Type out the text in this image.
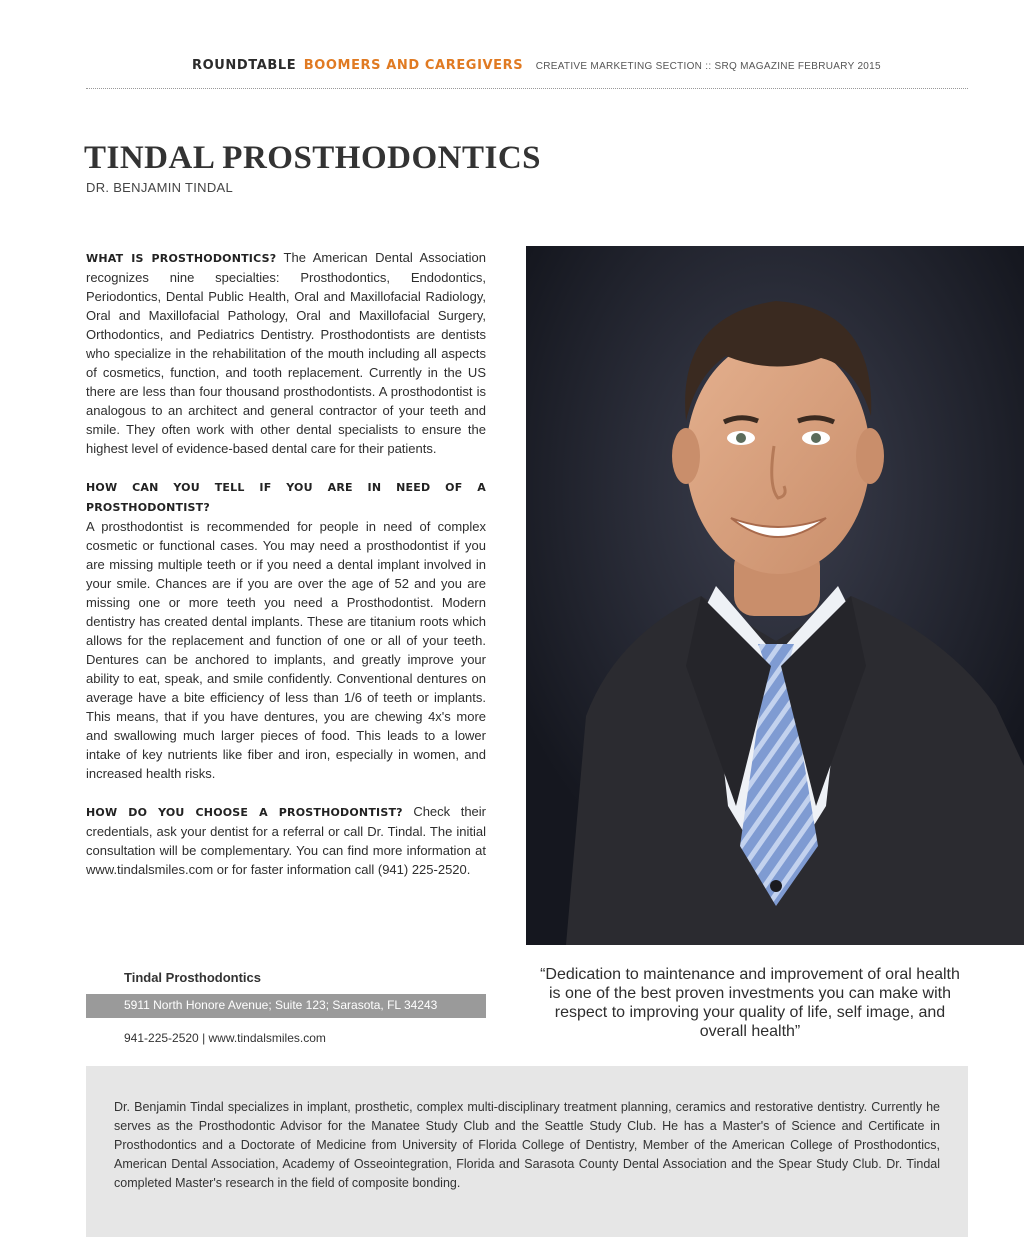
ROUNDTABLE BOOMERS AND CAREGIVERS CREATIVE MARKETING SECTION :: SRQ MAGAZINE FEBRUARY 2015
TINDAL PROSTHODONTICS
DR. BENJAMIN TINDAL

WHAT IS PROSTHODONTICS? The American Dental Association recognizes nine specialties: Prosthodontics, Endodontics, Periodontics, Dental Public Health, Oral and Maxillofacial Radiology, Oral and Maxillofacial Pathology, Oral and Maxillofacial Surgery, Orthodontics, and Pediatrics Dentistry. Prosthodontists are dentists who specialize in the rehabilitation of the mouth including all aspects of cosmetics, function, and tooth replacement. Currently in the US there are less than four thousand prosthodontists. A prosthodontist is analogous to an architect and general contractor of your teeth and smile. They often work with other dental specialists to ensure the highest level of evidence-based dental care for their patients.

HOW CAN YOU TELL IF YOU ARE IN NEED OF A PROSTHODONTIST?
A prosthodontist is recommended for people in need of complex cosmetic or functional cases. You may need a prosthodontist if you are missing multiple teeth or if you need a dental implant involved in your smile. Chances are if you are over the age of 52 and you are missing one or more teeth you need a Prosthodontist. Modern dentistry has created dental implants. These are titanium roots which allows for the replacement and function of one or all of your teeth. Dentures can be anchored to implants, and greatly improve your ability to eat, speak, and smile confidently. Conventional dentures on average have a bite efficiency of less than 1/6 of teeth or implants. This means, that if you have dentures, you are chewing 4x's more and swallowing much larger pieces of food. This leads to a lower intake of key nutrients like fiber and iron, especially in women, and increased health risks.

HOW DO YOU CHOOSE A PROSTHODONTIST? Check their credentials, ask your dentist for a referral or call Dr. Tindal. The initial consultation will be complementary. You can find more information at www.tindalsmiles.com or for faster information call (941) 225-2520.

Tindal Prosthodontics
5911 North Honore Avenue; Suite 123; Sarasota, FL 34243
941-225-2520 | www.tindalsmiles.com
“Dedication to maintenance and improvement of oral health is one of the best proven investments you can make with respect to improving your quality of life, self image, and overall health”

Dr. Benjamin Tindal specializes in implant, prosthetic, complex multi-disciplinary treatment planning, ceramics and restorative dentistry. Currently he serves as the Prosthodontic Advisor for the Manatee Study Club and the Seattle Study Club. He has a Master's of Science and Certificate in Prosthodontics and a Doctorate of Medicine from University of Florida College of Dentistry, Member of the American College of Prosthodontics, American Dental Association, Academy of Osseointegration, Florida and Sarasota County Dental Association and the Spear Study Club. Dr. Tindal completed Master's research in the field of composite bonding.
